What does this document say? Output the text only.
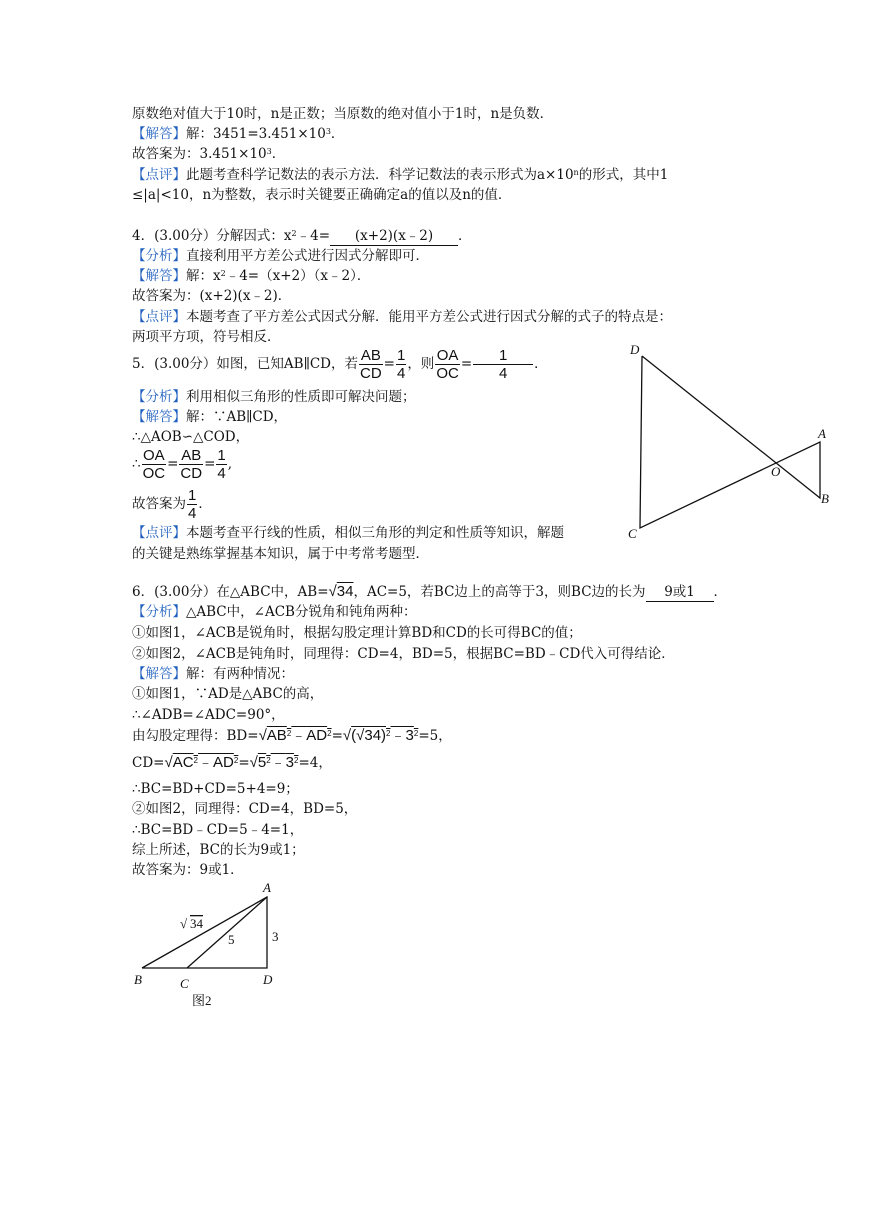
原数绝对值大于10时，n是正数；当原数的绝对值小于1时，n是负数．
【解答】解：$3451=3.451\times 10^3$．
故答案为：$3.451\times 10^3$．
【点评】此题考查科学记数法的表示方法．科学记数法的表示形式为$a\times 10^n$的形式，其中1
≤|a|<10，n为整数，表示时关键要正确确定a的值以及n的值．
4．(3.00分）分解因式：$x^2﹣4=$ (x+2)(x﹣2) ．
【分析】直接利用平方差公式进行因式分解即可．
【解答】解：$x^2﹣4=(x+2)(x﹣2)$．
故答案为：(x+2)(x﹣2)．
【点评】本题考查了平方差公式因式分解．能用平方差公式进行因式分解的式子的特点是：
两项平方项，符号相反．
5．(3.00分）如图，已知AB∥CD，若 $\frac{AB}{CD} = \frac{1}{4}$ ，则 $\frac{OA}{OC} = \frac{1}{4}$ ．
【分析】利用相似三角形的性质即可解决问题；
【解答】解：∵AB∥CD，
∴△AOB∽△COD，
∴ $\frac{OA}{OC} = \frac{AB}{CD} = \frac{1}{4}$ ,
故答案为 $\frac{1}{4}$ ．
【点评】本题考查平行线的性质，相似三角形的判定和性质等知识，解题
的关键是熟练掌握基本知识，属于中考常考题型．
D
A
O
B
C
6．(3.00分）在△ABC中，AB=√34，AC=5，若BC边上的高等于3，则BC边的长为 9或1 ．
【分析】△ABC中，∠ACB分锐角和钝角两种：
①如图1，∠ACB是锐角时，根据勾股定理计算BD和CD的长可得BC的值；
②如图2，∠ACB是钝角时，同理得：CD=4，BD=5，根据BC=BD﹣CD代入可得结论．
【解答】解：有两种情况：
①如图1，∵AD是△ABC的高，
∴∠ADB=∠ADC=90°，
由勾股定理得：$BD=√AB^2﹣AD^2=√(√34)^2﹣3^2=5$，
$CD=√AC^2﹣AD^2=√5^2﹣3^2=4$，
∴BC=BD+CD=5+4=9；
②如图2，同理得：CD=4，BD=5，
∴BC=BD﹣CD=5﹣4=1，
综上所述，BC的长为9或1；
故答案为：9或1．
A
B	C	D
√ 34
5	3
图2
